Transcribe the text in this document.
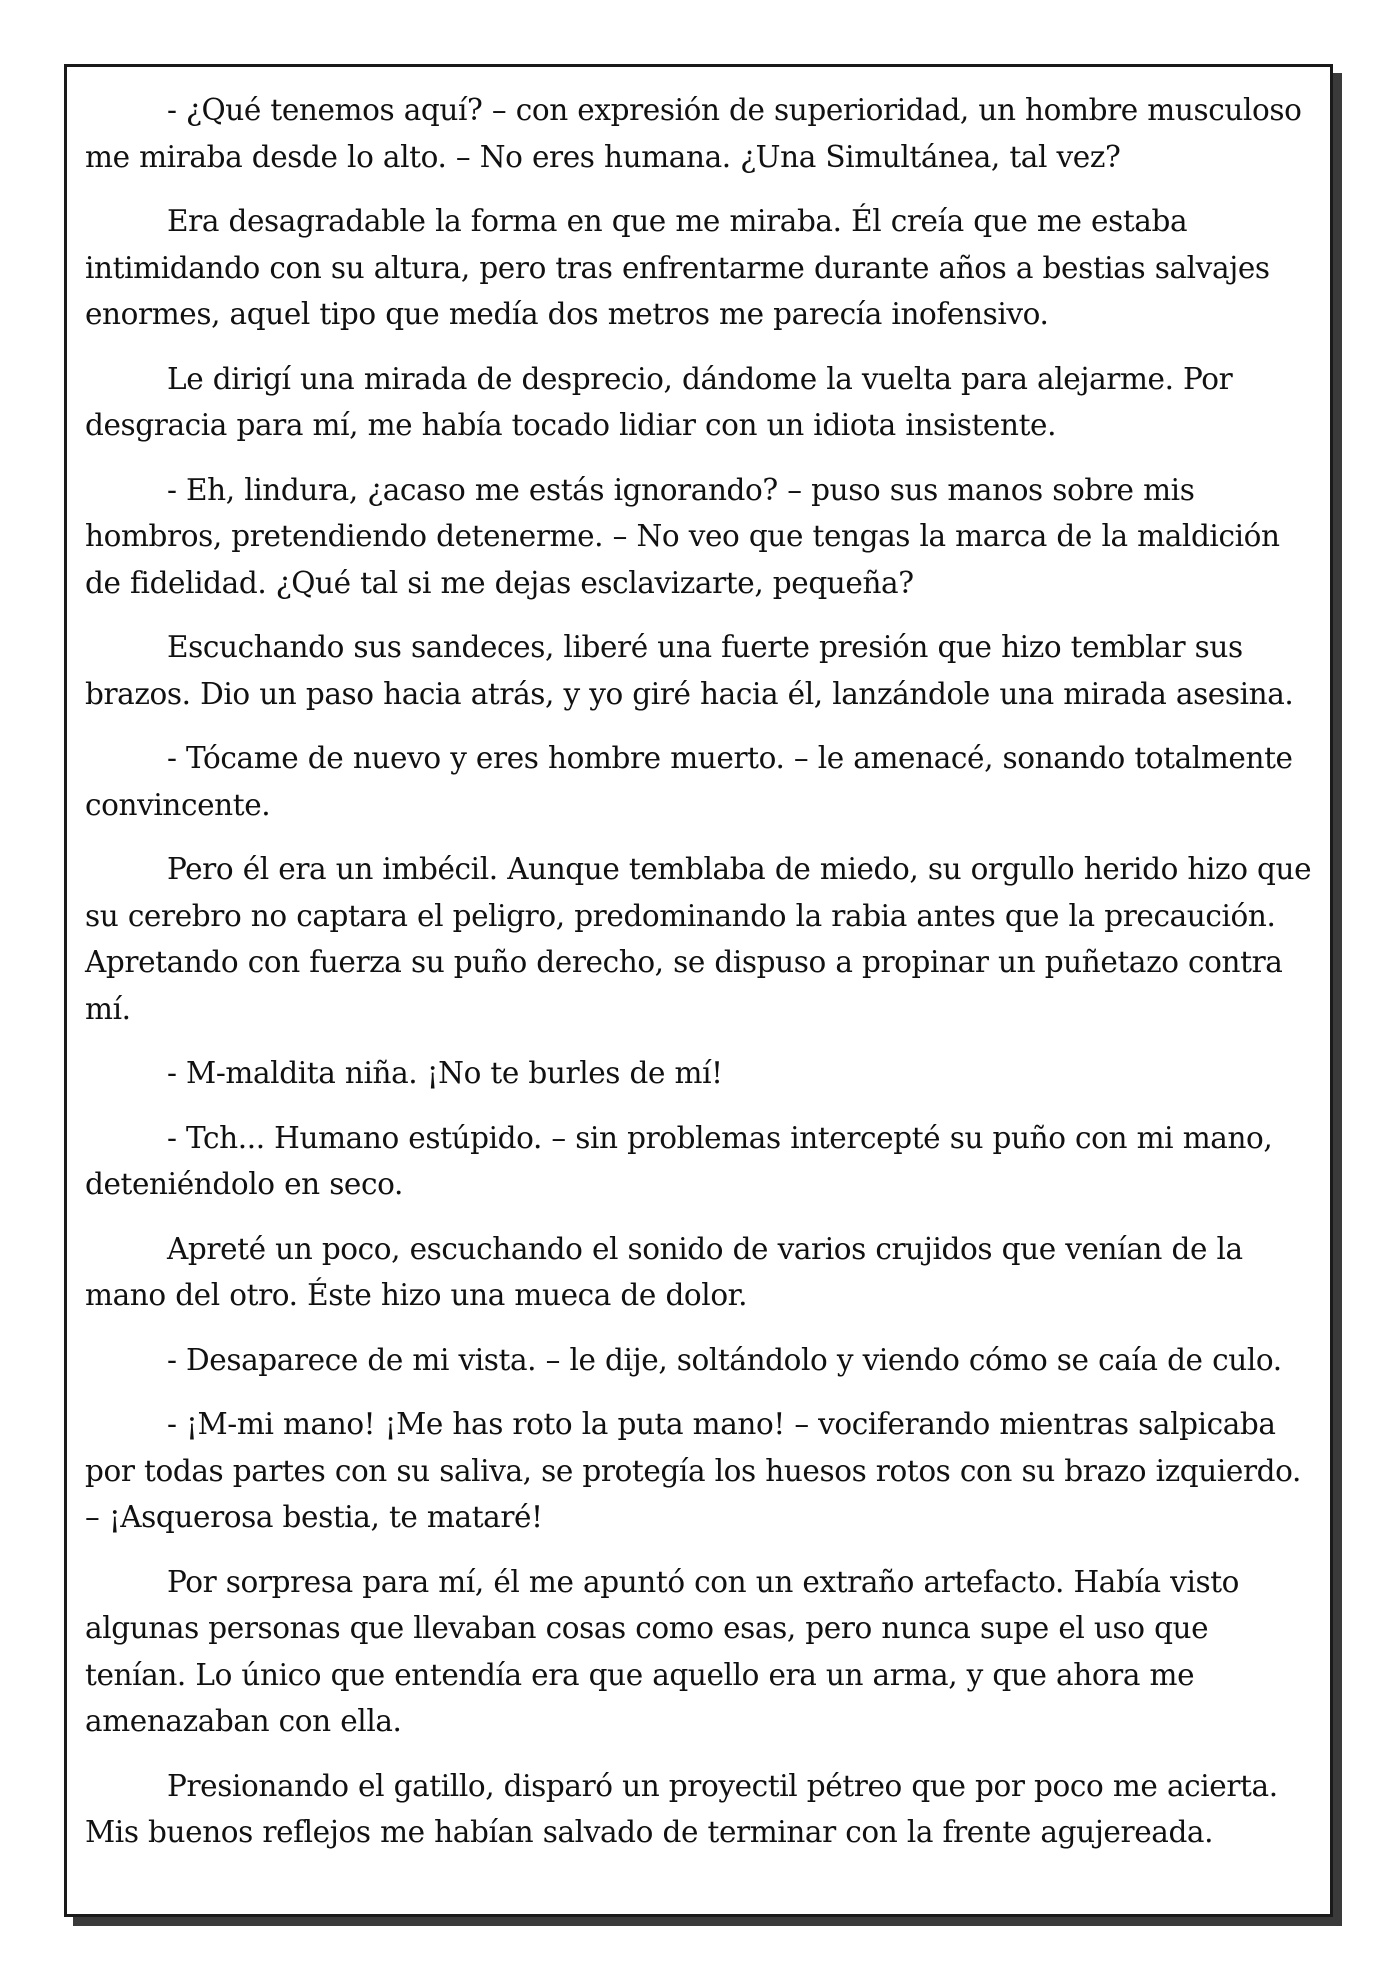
- ¿Qué tenemos aquí? – con expresión de superioridad, un hombre musculoso me miraba desde lo alto. – No eres humana. ¿Una Simultánea, tal vez?

Era desagradable la forma en que me miraba. Él creía que me estaba intimidando con su altura, pero tras enfrentarme durante años a bestias salvajes enormes, aquel tipo que medía dos metros me parecía inofensivo.

Le dirigí una mirada de desprecio, dándome la vuelta para alejarme. Por desgracia para mí, me había tocado lidiar con un idiota insistente.

- Eh, lindura, ¿acaso me estás ignorando? – puso sus manos sobre mis hombros, pretendiendo detenerme. – No veo que tengas la marca de la maldición de fidelidad. ¿Qué tal si me dejas esclavizarte, pequeña?

Escuchando sus sandeces, liberé una fuerte presión que hizo temblar sus brazos. Dio un paso hacia atrás, y yo giré hacia él, lanzándole una mirada asesina.

- Tócame de nuevo y eres hombre muerto. – le amenacé, sonando totalmente convincente.

Pero él era un imbécil. Aunque temblaba de miedo, su orgullo herido hizo que su cerebro no captara el peligro, predominando la rabia antes que la precaución. Apretando con fuerza su puño derecho, se dispuso a propinar un puñetazo contra mí.

- M-maldita niña. ¡No te burles de mí!

- Tch... Humano estúpido. – sin problemas intercepté su puño con mi mano, deteniéndolo en seco.

Apreté un poco, escuchando el sonido de varios crujidos que venían de la mano del otro. Éste hizo una mueca de dolor.

- Desaparece de mi vista. – le dije, soltándolo y viendo cómo se caía de culo.

- ¡M-mi mano! ¡Me has roto la puta mano! – vociferando mientras salpicaba por todas partes con su saliva, se protegía los huesos rotos con su brazo izquierdo. – ¡Asquerosa bestia, te mataré!

Por sorpresa para mí, él me apuntó con un extraño artefacto. Había visto algunas personas que llevaban cosas como esas, pero nunca supe el uso que tenían. Lo único que entendía era que aquello era un arma, y que ahora me amenazaban con ella.

Presionando el gatillo, disparó un proyectil pétreo que por poco me acierta. Mis buenos reflejos me habían salvado de terminar con la frente agujereada.
